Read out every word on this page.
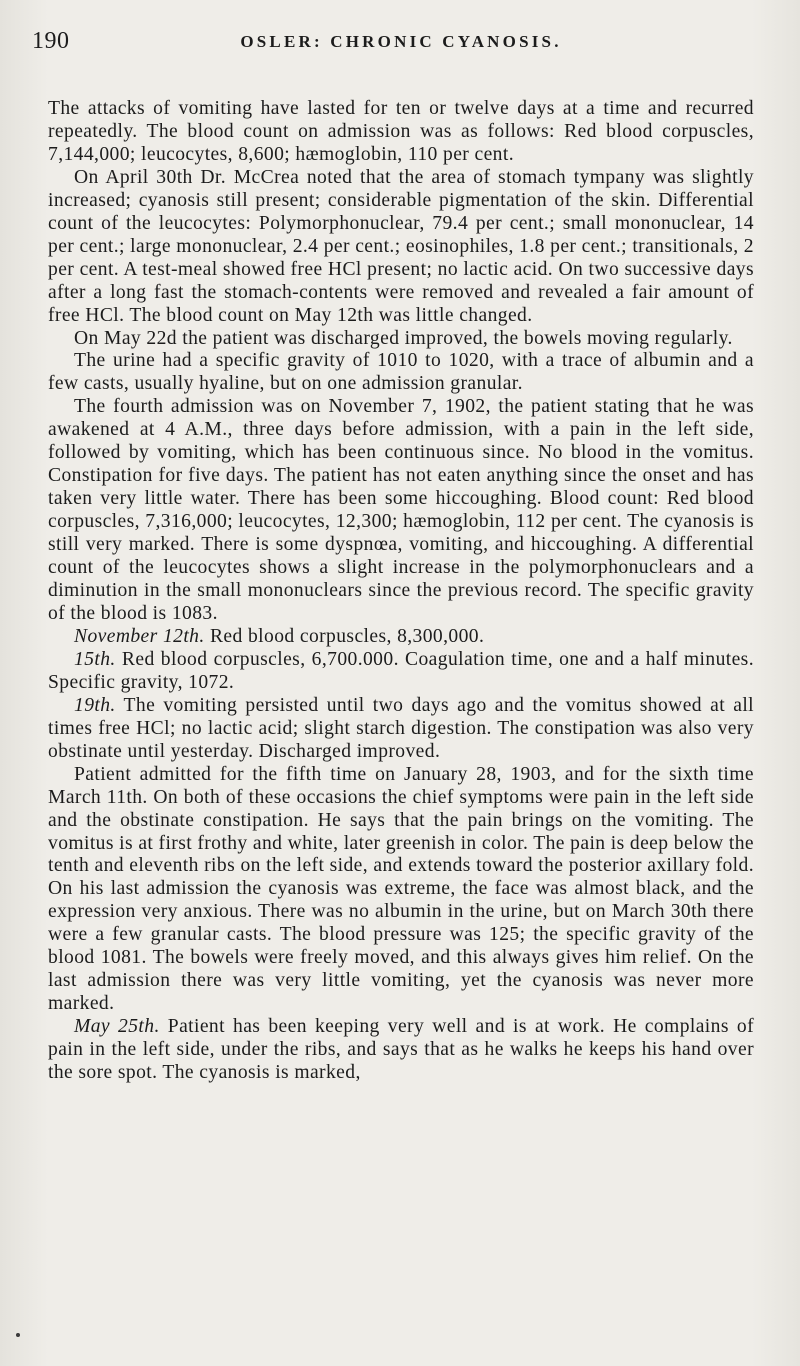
190	OSLER: CHRONIC CYANOSIS.

The attacks of vomiting have lasted for ten or twelve days at a time and recurred repeatedly. The blood count on admission was as follows: Red blood corpuscles, 7,144,000; leucocytes, 8,600; hæmoglobin, 110 per cent.

On April 30th Dr. McCrea noted that the area of stomach tympany was slightly increased; cyanosis still present; considerable pigmentation of the skin. Differential count of the leucocytes: Polymorphonuclear, 79.4 per cent.; small mononuclear, 14 per cent.; large mononuclear, 2.4 per cent.; eosinophiles, 1.8 per cent.; transitionals, 2 per cent. A test-meal showed free HCl present; no lactic acid. On two successive days after a long fast the stomach-contents were removed and revealed a fair amount of free HCl. The blood count on May 12th was little changed.

On May 22d the patient was discharged improved, the bowels moving regularly.

The urine had a specific gravity of 1010 to 1020, with a trace of albumin and a few casts, usually hyaline, but on one admission granular.

The fourth admission was on November 7, 1902, the patient stating that he was awakened at 4 A.M., three days before admission, with a pain in the left side, followed by vomiting, which has been continuous since. No blood in the vomitus. Constipation for five days. The patient has not eaten anything since the onset and has taken very little water. There has been some hiccoughing. Blood count: Red blood corpuscles, 7,316,000; leucocytes, 12,300; hæmoglobin, 112 per cent. The cyanosis is still very marked. There is some dyspnœa, vomiting, and hiccoughing. A differential count of the leucocytes shows a slight increase in the polymorphonuclears and a diminution in the small mononuclears since the previous record. The specific gravity of the blood is 1083.

November 12th. Red blood corpuscles, 8,300,000.

15th. Red blood corpuscles, 6,700.000. Coagulation time, one and a half minutes. Specific gravity, 1072.

19th. The vomiting persisted until two days ago and the vomitus showed at all times free HCl; no lactic acid; slight starch digestion. The constipation was also very obstinate until yesterday. Discharged improved.

Patient admitted for the fifth time on January 28, 1903, and for the sixth time March 11th. On both of these occasions the chief symptoms were pain in the left side and the obstinate constipation. He says that the pain brings on the vomiting. The vomitus is at first frothy and white, later greenish in color. The pain is deep below the tenth and eleventh ribs on the left side, and extends toward the posterior axillary fold. On his last admission the cyanosis was extreme, the face was almost black, and the expression very anxious. There was no albumin in the urine, but on March 30th there were a few granular casts. The blood pressure was 125; the specific gravity of the blood 1081. The bowels were freely moved, and this always gives him relief. On the last admission there was very little vomiting, yet the cyanosis was never more marked.

May 25th. Patient has been keeping very well and is at work. He complains of pain in the left side, under the ribs, and says that as he walks he keeps his hand over the sore spot. The cyanosis is marked,
